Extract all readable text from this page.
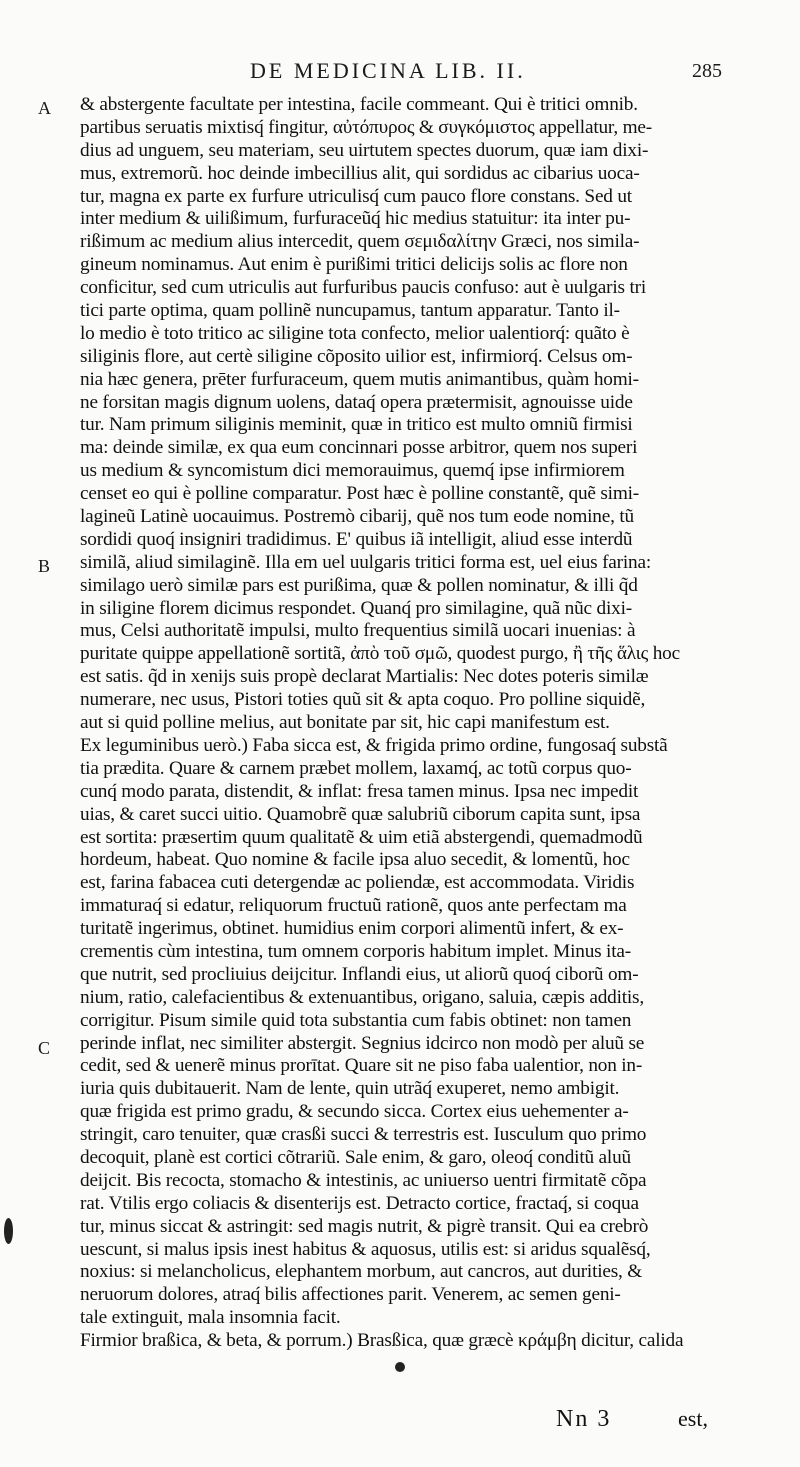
DE MEDICINA LIB. II.	285
A
B
C
& abstergente facultate per intestina, facile commeant. Qui è tritici omnib.
partibus seruatis mixtisq́ fingitur, αὐτόπυρος & συγκόμιστος appellatur, me-
dius ad unguem, seu materiam, seu uirtutem spectes duorum, quæ iam dixi-
mus, extremorũ. hoc deinde imbecillius alit, qui sordidus ac cibarius uoca-
tur, magna ex parte ex furfure utriculisq́ cum pauco flore constans. Sed ut
inter medium & uilißimum, furfuraceũq́ hic medius statuitur: ita inter pu-
rißimum ac medium alius intercedit, quem σεμιδαλίτην Græci, nos simila-
gineum nominamus. Aut enim è purißimi tritici delicijs solis ac flore non
conficitur, sed cum utriculis aut furfuribus paucis confuso: aut è uulgaris tri
tici parte optima, quam pollinẽ nuncupamus, tantum apparatur. Tanto il-
lo medio è toto tritico ac siligine tota confecto, melior ualentiorq́: quãto è
siliginis flore, aut certè siligine cõposito uilior est, infirmiorq́. Celsus om-
nia hæc genera, prēter furfuraceum, quem mutis animantibus, quàm homi-
ne forsitan magis dignum uolens, dataq́ opera prætermisit, agnouisse uide
tur. Nam primum siliginis meminit, quæ in tritico est multo omniũ firmisi
ma: deinde similæ, ex qua eum concinnari posse arbitror, quem nos superi
us medium & syncomistum dici memorauimus, quemq́ ipse infirmiorem
censet eo qui è polline comparatur. Post hæc è polline constantẽ, quẽ simi-
lagineũ Latinè uocauimus. Postremò cibarij, quẽ nos tum eode nomine, tũ
sordidi quoq́ insigniri tradidimus. E' quibus iã intelligit, aliud esse interdũ
similã, aliud similaginẽ. Illa em uel uulgaris tritici forma est, uel eius farina:
similago uerò similæ pars est purißima, quæ & pollen nominatur, & illi q̃d
in siligine florem dicimus respondet. Quanq́ pro similagine, quã nũc dixi-
mus, Celsi authoritatẽ impulsi, multo frequentius similã uocari inuenias: à
puritate quippe appellationẽ sortitã, ἀπὸ τοῦ σμῶ, quodest purgo, ἢ τῆς ἅλις hoc
est satis. q̃d in xenijs suis propè declarat Martialis: Nec dotes poteris similæ
numerare, nec usus, Pistori toties quũ sit & apta coquo. Pro polline siquidẽ,
aut si quid polline melius, aut bonitate par sit, hic capi manifestum est.
Ex leguminibus uerò.) Faba sicca est, & frigida primo ordine, fungosaq́ substã
tia prædita. Quare & carnem præbet mollem, laxamq́, ac totũ corpus quo-
cunq́ modo parata, distendit, & inflat: fresa tamen minus. Ipsa nec impedit
uias, & caret succi uitio. Quamobrẽ quæ salubriũ ciborum capita sunt, ipsa
est sortita: præsertim quum qualitatẽ & uim etiã abstergendi, quemadmodũ
hordeum, habeat. Quo nomine & facile ipsa aluo secedit, & lomentũ, hoc
est, farina fabacea cuti detergendæ ac poliendæ, est accommodata. Viridis
immaturaq́ si edatur, reliquorum fructuũ rationẽ, quos ante perfectam ma
turitatẽ ingerimus, obtinet. humidius enim corpori alimentũ infert, & ex-
crementis cùm intestina, tum omnem corporis habitum implet. Minus ita-
que nutrit, sed procliuius deijcitur. Inflandi eius, ut aliorũ quoq́ ciborũ om-
nium, ratio, calefacientibus & extenuantibus, origano, saluia, cæpis additis,
corrigitur. Pisum simile quid tota substantia cum fabis obtinet: non tamen
perinde inflat, nec similiter abstergit. Segnius idcirco non modò per aluũ se
cedit, sed & uenerẽ minus prorītat. Quare sit ne piso faba ualentior, non in-
iuria quis dubitauerit. Nam de lente, quin utrãq́ exuperet, nemo ambigit.
quæ frigida est primo gradu, & secundo sicca. Cortex eius uehementer a-
stringit, caro tenuiter, quæ crasßi succi & terrestris est. Iusculum quo primo
decoquit, planè est cortici cõtrariũ. Sale enim, & garo, oleoq́ conditũ aluũ
deijcit. Bis recocta, stomacho & intestinis, ac uniuerso uentri firmitatẽ cõpa
rat. Vtilis ergo coliacis & disenterijs est. Detracto cortice, fractaq́, si coqua
tur, minus siccat & astringit: sed magis nutrit, & pigrè transit. Qui ea crebrò
uescunt, si malus ipsis inest habitus & aquosus, utilis est: si aridus squalẽsq́,
noxius: si melancholicus, elephantem morbum, aut cancros, aut durities, &
neruorum dolores, atraq́ bilis affectiones parit. Venerem, ac semen geni-
tale extinguit, mala insomnia facit.
Firmior braßica, & beta, & porrum.) Brasßica, quæ græcè κράμβη dicitur, calida
Nn 3	est,
